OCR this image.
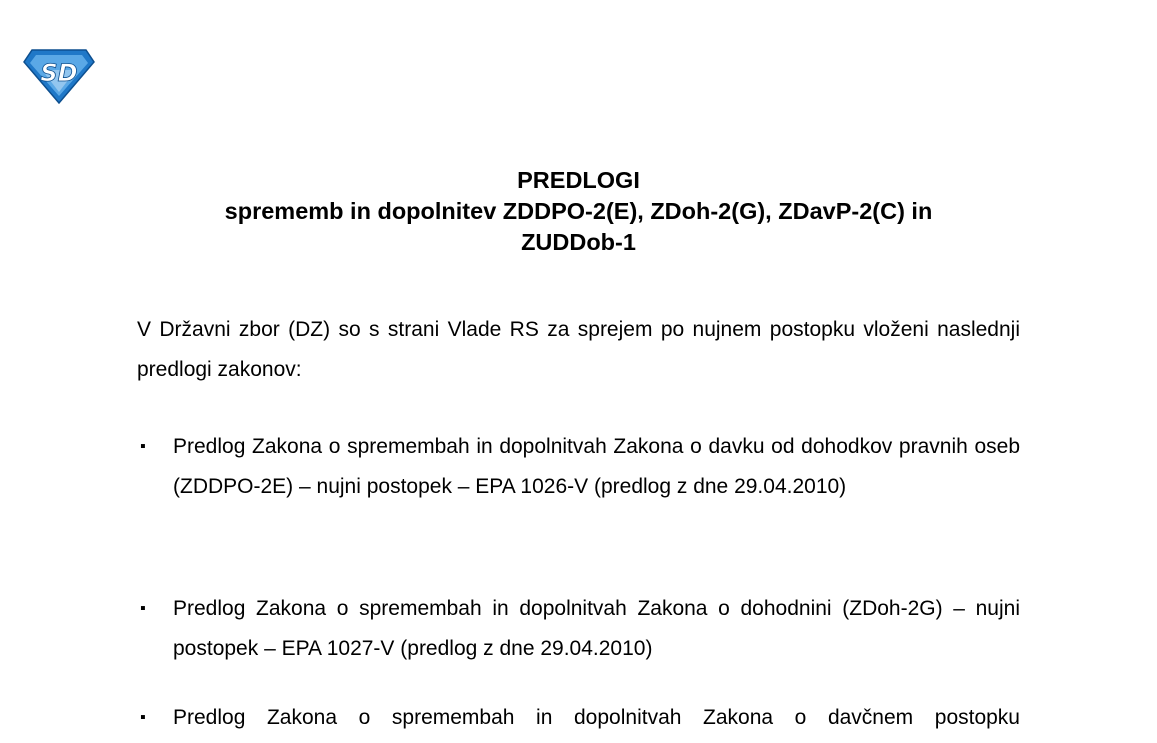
SD
PREDLOGI
sprememb in dopolnitev ZDDPO-2(E), ZDoh-2(G), ZDavP-2(C) in
ZUDDob-1
V Državni zbor (DZ) so s strani Vlade RS za sprejem po nujnem postopku vloženi naslednji predlogi zakonov:
▪ Predlog Zakona o spremembah in dopolnitvah Zakona o davku od dohodkov pravnih oseb (ZDDPO-2E) – nujni postopek – EPA 1026-V (predlog z dne 29.04.2010)
▪ Predlog Zakona o spremembah in dopolnitvah Zakona o dohodnini (ZDoh-2G) – nujni postopek – EPA 1027-V (predlog z dne 29.04.2010)
▪ Predlog Zakona o spremembah in dopolnitvah Zakona o davčnem postopku
